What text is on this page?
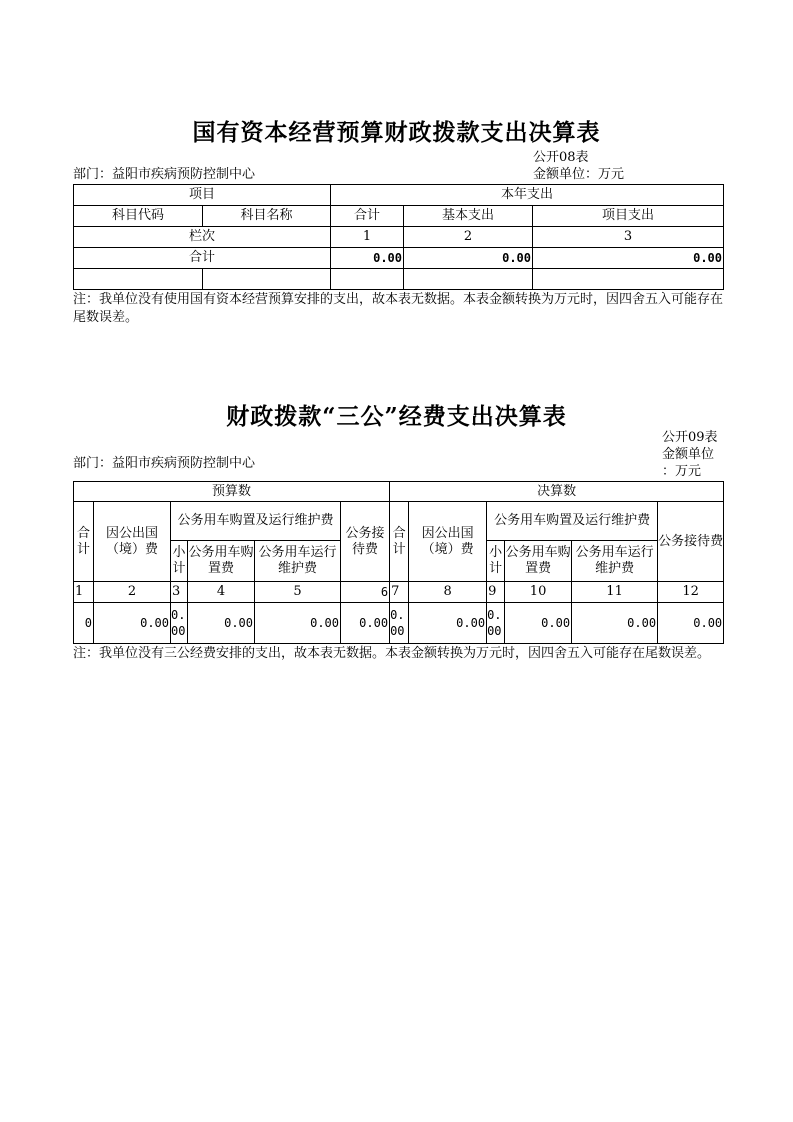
国有资本经营预算财政拨款支出决算表
公开08表
部门：益阳市疾病预防控制中心	金额单位：万元
项目		本年支出		
科目代码	科目名称	合计	基本支出	项目支出
栏次		1	2	3
合计		0.00	0.00	0.00

注：我单位没有使用国有资本经营预算安排的支出，故本表无数据。本表金额转换为万元时，因四舍五入可能存在尾数误差。
财政拨款“三公”经费支出决算表
公开09表
金额单位
部门：益阳市疾病预防控制中心
：万元
预算数						决算数					
合计	因公出国（境）费	公务用车购置及运行维护费			公务接待费	合计	因公出国（境）费	公务用车购置及运行维护费			公务接待费
		小计	公务用车购置费	公务用车运行维护费				小计	公务用车购置费	公务用车运行维护费	
1	2	3	4	5	6	7	8	9	10	11	12
0	0.00	0.00	0.00	0.00	0.00	0.00	0.00	0.00	0.00	0.00	0.00
注：我单位没有三公经费安排的支出，故本表无数据。本表金额转换为万元时，因四舍五入可能存在尾数误差。
